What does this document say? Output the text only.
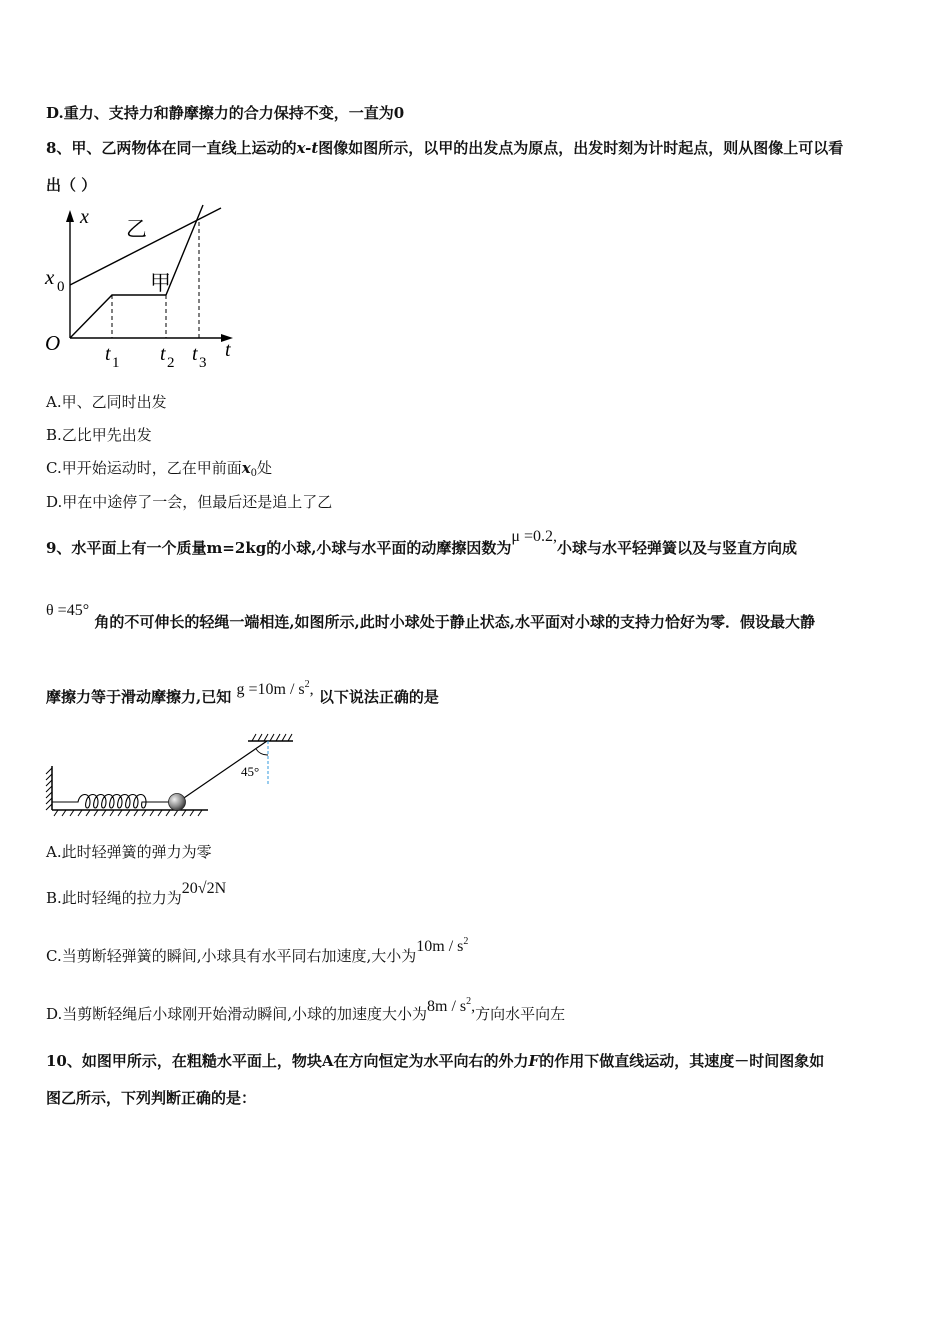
D.重力、支持力和静摩擦力的合力保持不变，一直为0
8、甲、乙两物体在同一直线上运动的x-t图像如图所示，以甲的出发点为原点，出发时刻为计时起点，则从图像上可以看
出（ ）
x
t
O
x 0
乙
甲
t 1 t 2 t 3
A.甲、乙同时出发
B.乙比甲先出发
C.甲开始运动时，乙在甲前面$x_0$处
D.甲在中途停了一会，但最后还是追上了乙
9、水平面上有一个质量m=2kg的小球,小球与水平面的动摩擦因数为μ =0.2,小球与水平轻弹簧以及与竖直方向成
θ =45° 角的不可伸长的轻绳一端相连,如图所示,此时小球处于静止状态,水平面对小球的支持力恰好为零．假设最大静
摩擦力等于滑动摩擦力,已知 $g =10m / s^2$, 以下说法正确的是
45°
A.此时轻弹簧的弹力为零
B.此时轻绳的拉力为20√2N
C.当剪断轻弹簧的瞬间,小球具有水平同右加速度,大小为$10m / s^2$
D.当剪断轻绳后小球刚开始滑动瞬间,小球的加速度大小为$8m / s^2$,方向水平向左
10、如图甲所示，在粗糙水平面上，物块A在方向恒定为水平向右的外力F的作用下做直线运动，其速度－时间图象如
图乙所示，下列判断正确的是：
